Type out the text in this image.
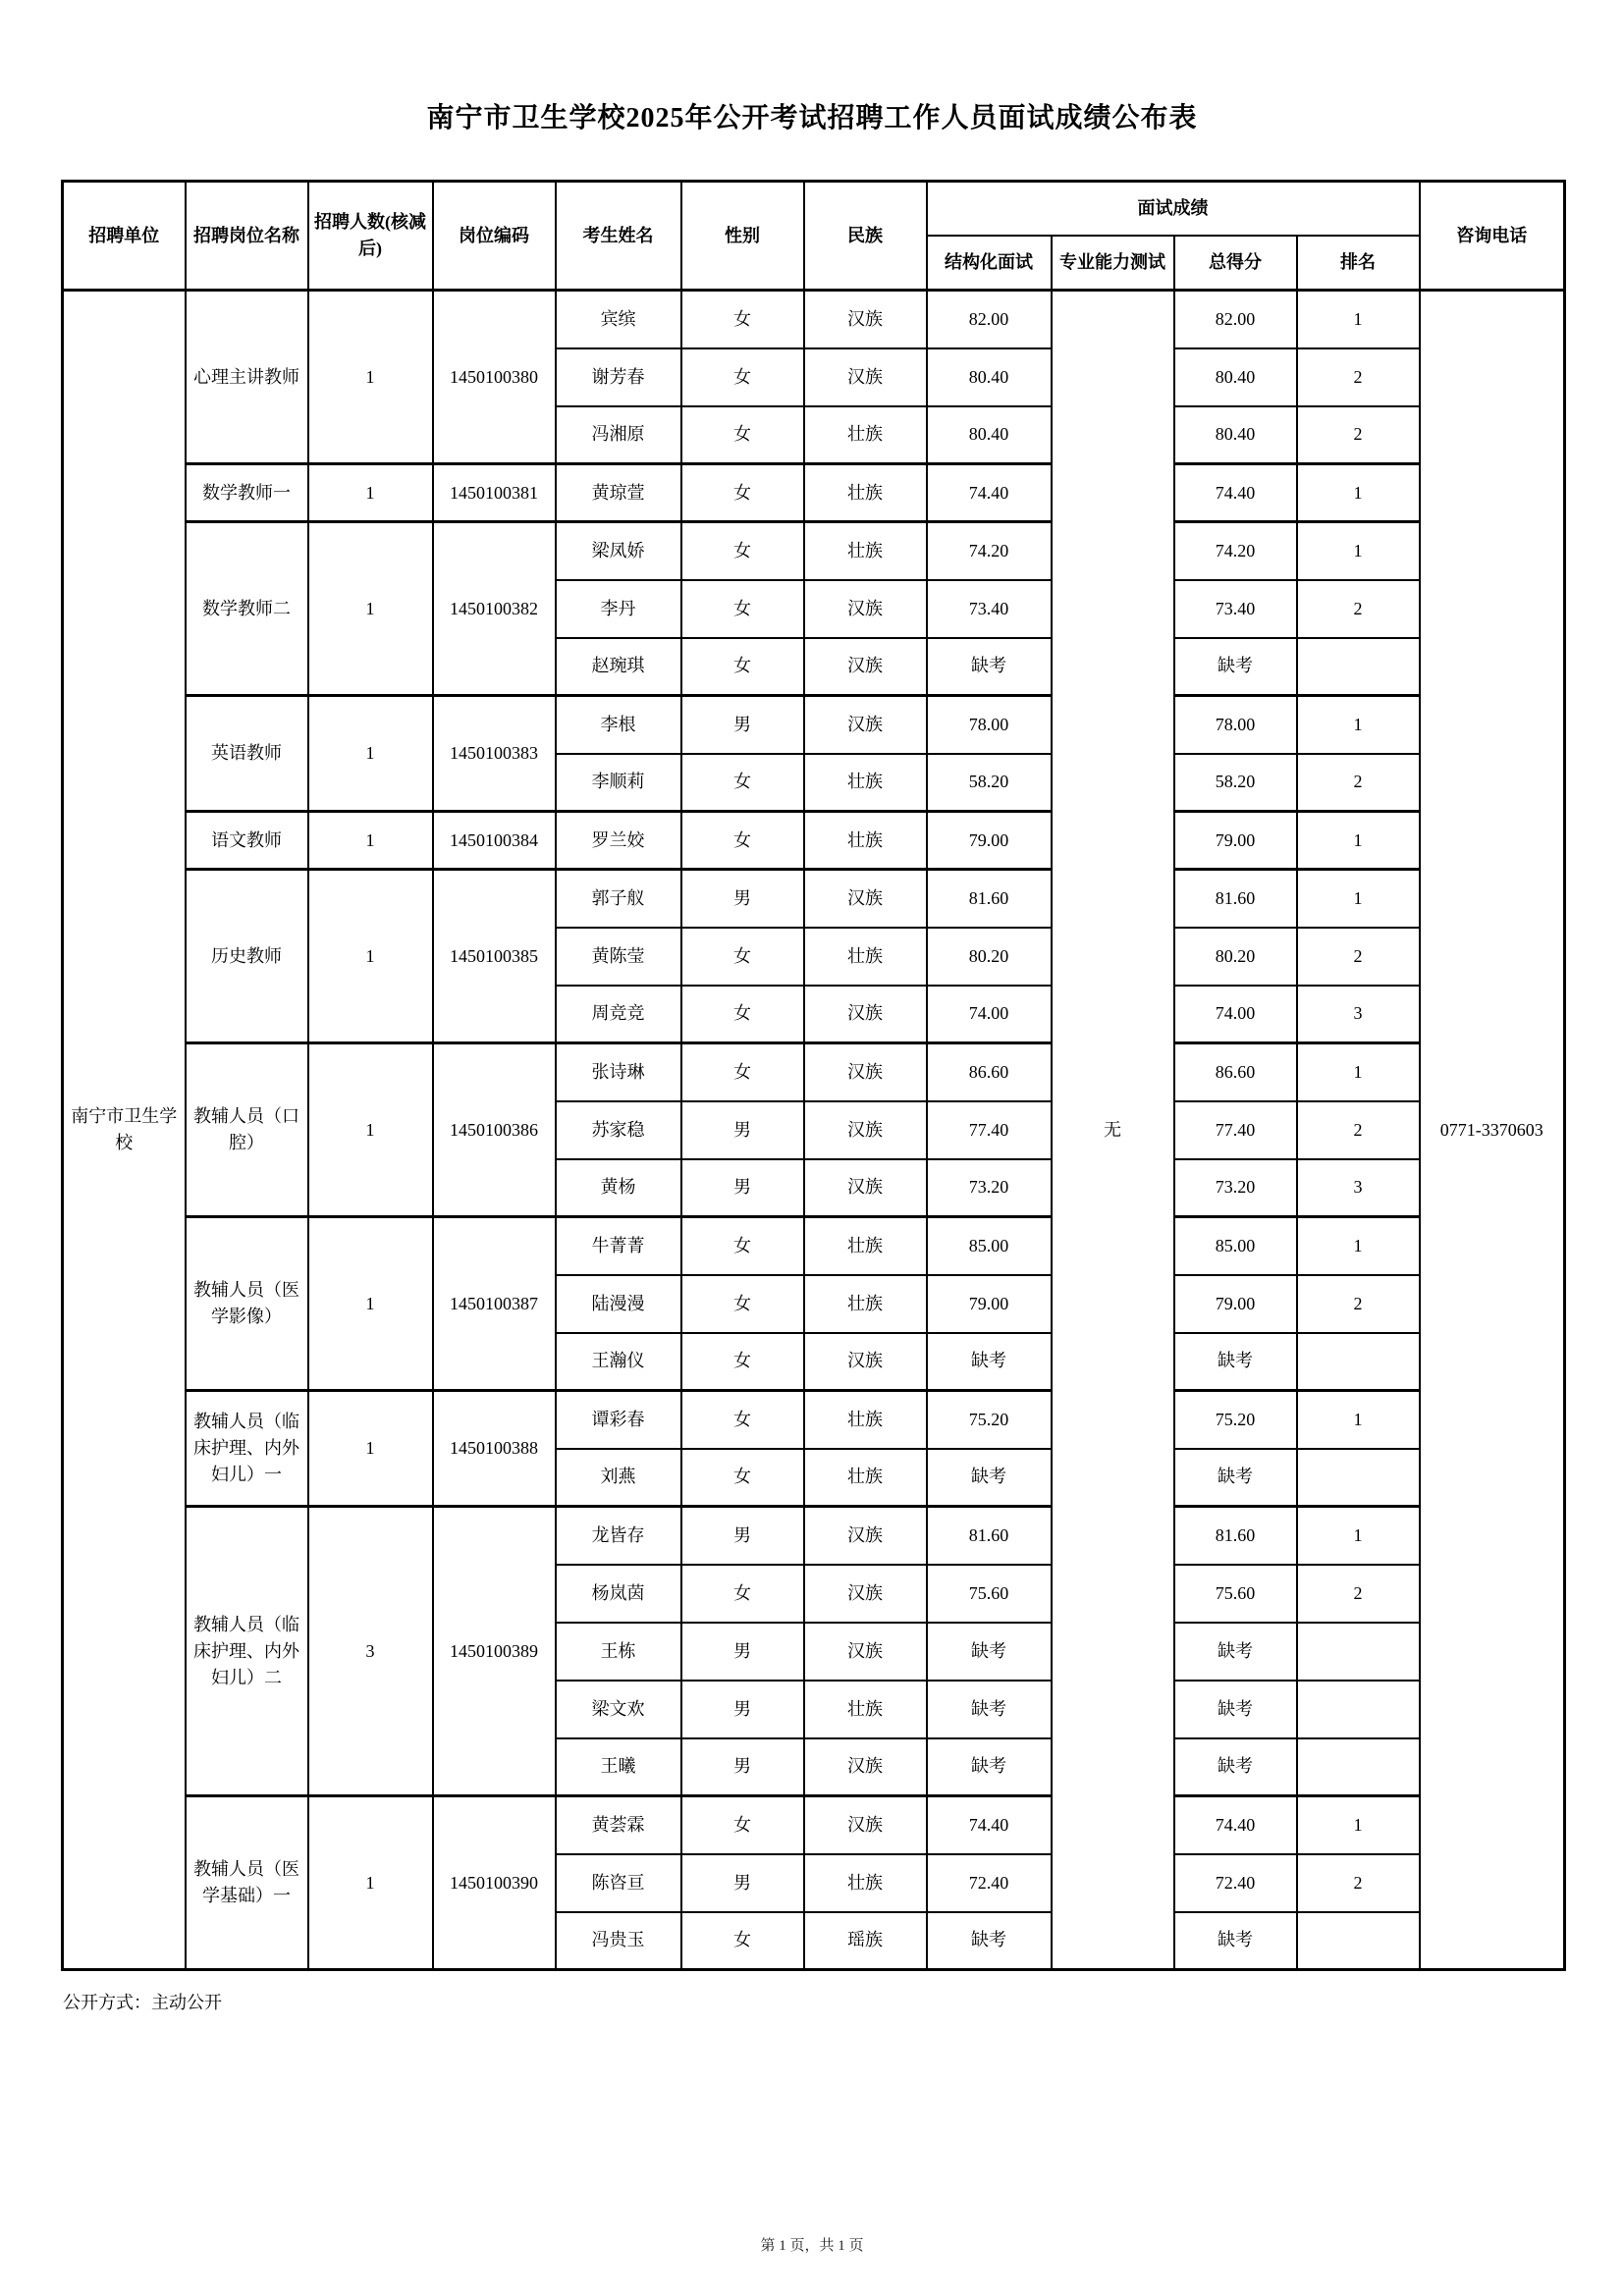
南宁市卫生学校2025年公开考试招聘工作人员面试成绩公布表
招聘单位	招聘岗位名称	招聘人数(核减后)	岗位编码	考生姓名	性别	民族	面试成绩				咨询电话
							结构化面试	专业能力测试	总得分	排名	
南宁市卫生学校	心理主讲教师	1	1450100380	宾缤	女	汉族	82.00	无	82.00	1	0771-3370603
				谢芳春	女	汉族	80.40		80.40	2	
				冯湘原	女	壮族	80.40		80.40	2	
	数学教师一	1	1450100381	黄琼萱	女	壮族	74.40		74.40	1	
	数学教师二	1	1450100382	梁凤娇	女	壮族	74.20		74.20	1	
				李丹	女	汉族	73.40		73.40	2	
				赵琬琪	女	汉族	缺考		缺考		
	英语教师	1	1450100383	李根	男	汉族	78.00		78.00	1	
				李顺莉	女	壮族	58.20		58.20	2	
	语文教师	1	1450100384	罗兰姣	女	壮族	79.00		79.00	1	
	历史教师	1	1450100385	郭子舣	男	汉族	81.60		81.60	1	
				黄陈莹	女	壮族	80.20		80.20	2	
				周竞竞	女	汉族	74.00		74.00	3	
	教辅人员（口腔）	1	1450100386	张诗琳	女	汉族	86.60		86.60	1	
				苏家稳	男	汉族	77.40		77.40	2	
				黄杨	男	汉族	73.20		73.20	3	
	教辅人员（医学影像）	1	1450100387	牛菁菁	女	壮族	85.00		85.00	1	
				陆漫漫	女	壮族	79.00		79.00	2	
				王瀚仪	女	汉族	缺考		缺考		
	教辅人员（临床护理、内外妇儿）一	1	1450100388	谭彩春	女	壮族	75.20		75.20	1	
				刘燕	女	壮族	缺考		缺考		
	教辅人员（临床护理、内外妇儿）二	3	1450100389	龙皆存	男	汉族	81.60		81.60	1	
				杨岚茵	女	汉族	75.60		75.60	2	
				王栋	男	汉族	缺考		缺考		
				梁文欢	男	壮族	缺考		缺考		
				王曦	男	汉族	缺考		缺考		
	教辅人员（医学基础）一	1	1450100390	黄荟霖	女	汉族	74.40		74.40	1	
				陈咨亘	男	壮族	72.40		72.40	2	
				冯贵玉	女	瑶族	缺考		缺考		
公开方式：主动公开
第 1 页，共 1 页
